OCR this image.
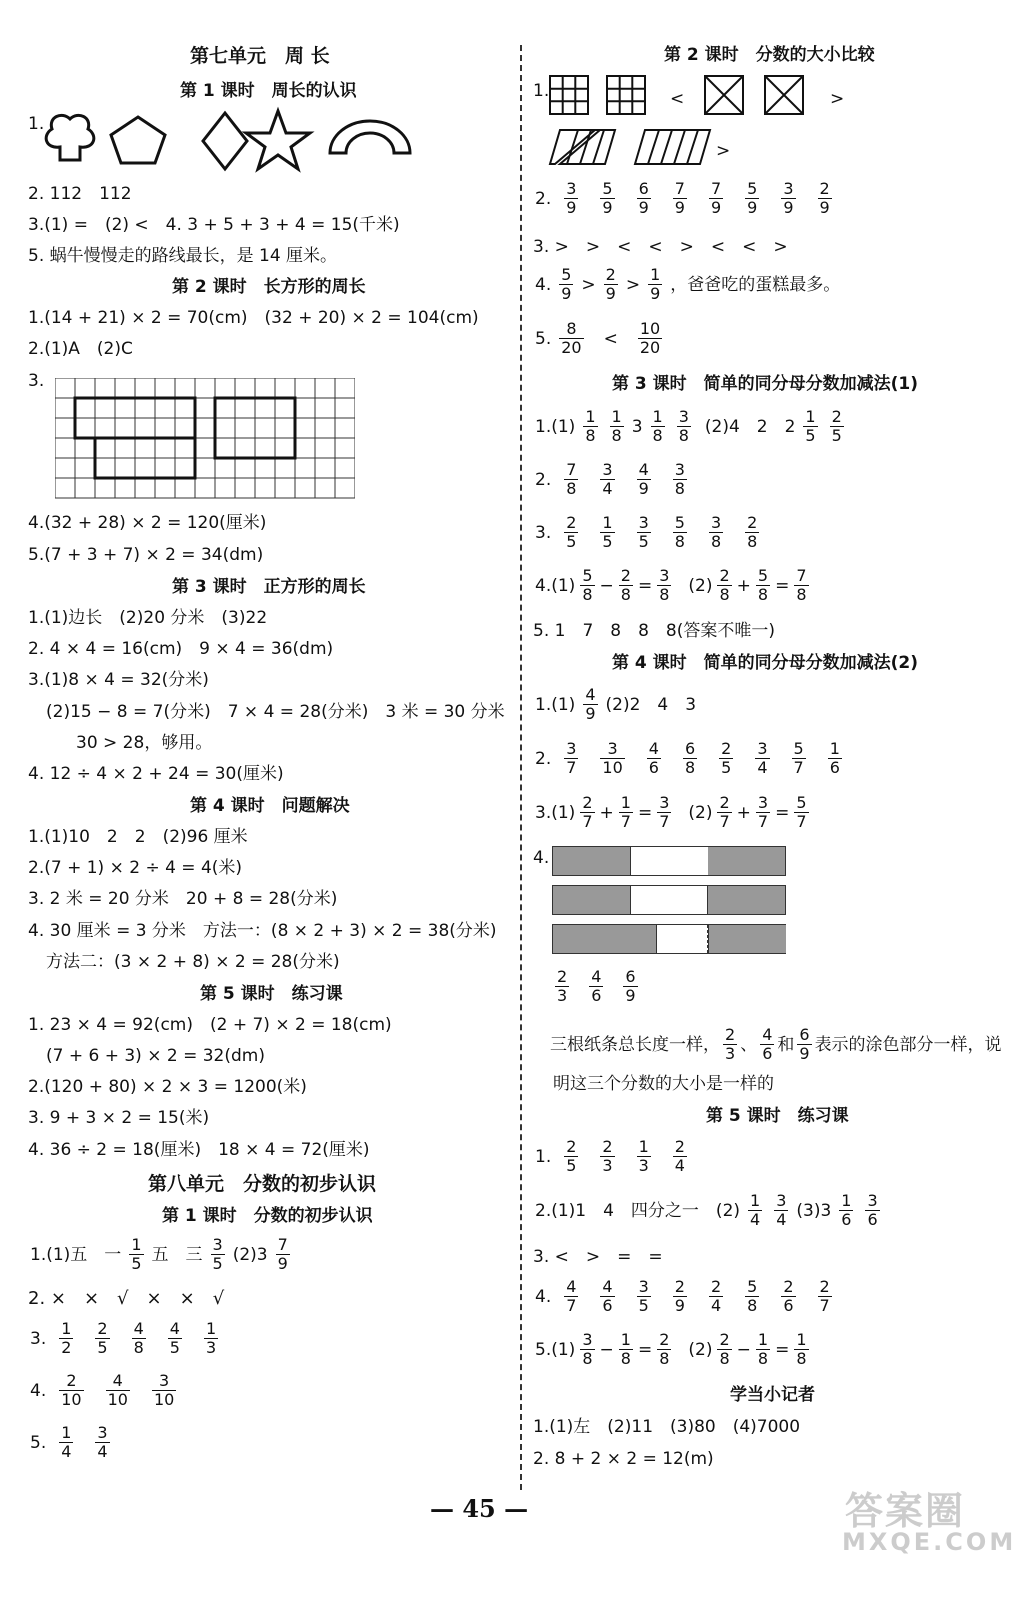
第七单元　周 长
第 1 课时　周长的认识
1.
2. 112　112
3.(1) =　(2) <　4. 3 + 5 + 3 + 4 = 15(千米)
5. 蜗牛慢慢走的路线最长，是 14 厘米。
第 2 课时　长方形的周长
1.(14 + 21) × 2 = 70(cm)　(32 + 20) × 2 = 104(cm)
2.(1)A　(2)C
3.
4.(32 + 28) × 2 = 120(厘米)
5.(7 + 3 + 7) × 2 = 34(dm)
第 3 课时　正方形的周长
1.(1)边长　(2)20 分米　(3)22
2. 4 × 4 = 16(cm)　9 × 4 = 36(dm)
3.(1)8 × 4 = 32(分米)
(2)15 − 8 = 7(分米)　7 × 4 = 28(分米)　3 米 = 30 分米
30 > 28，够用。
4. 12 ÷ 4 × 2 + 24 = 30(厘米)
第 4 课时　问题解决
1.(1)10　2　2　(2)96 厘米
2.(7 + 1) × 2 ÷ 4 = 4(米)
3. 2 米 = 20 分米　20 + 8 = 28(分米)
4. 30 厘米 = 3 分米　方法一：(8 × 2 + 3) × 2 = 38(分米)
方法二：(3 × 2 + 8) × 2 = 28(分米)
第 5 课时　练习课
1. 23 × 4 = 92(cm)　(2 + 7) × 2 = 18(cm)
(7 + 6 + 3) × 2 = 32(dm)
2.(120 + 80) × 2 × 3 = 1200(米)
3. 9 + 3 × 2 = 15(米)
4. 36 ÷ 2 = 18(厘米)　18 × 4 = 72(厘米)
第八单元　分数的初步认识
第 1 课时　分数的初步认识
1.(1)五　一 $\frac{1}{5}$ 五　三 $\frac{3}{5} (2)3 \frac{7}{9}$
2. ×　×　√　×　×　√
3. $\frac{1}{2} \frac{2}{5} \frac{4}{8} \frac{4}{5} \frac{1}{3}$
4. $\frac{2}{10} \frac{4}{10} \frac{3}{10}$
5. $\frac{1}{4} \frac{3}{4}$
第 2 课时　分数的大小比较
1.	<	>
>
2. $\frac{3}{9} \frac{5}{9} \frac{6}{9} \frac{7}{9} \frac{7}{9} \frac{5}{9} \frac{3}{9} \frac{2}{9}$
3. >　>　<　<　>　<　<　>
4. $\frac{5}{9} > \frac{2}{9} > \frac{1}{9}$ ，爸爸吃的蛋糕最多。
5. $\frac{8}{20} < \frac{10}{20}$
第 3 课时　简单的同分母分数加减法(1)
$1.(1) \frac{1}{8} \frac{1}{8} 3 \frac{1}{8} \frac{3}{8} (2)4$　2　$2 \frac{1}{5} \frac{2}{5}$
2. $\frac{7}{8} \frac{3}{4} \frac{4}{9} \frac{3}{8}$
3. $\frac{2}{5} \frac{1}{5} \frac{3}{5} \frac{5}{8} \frac{3}{8} \frac{2}{8}$
$4.(1) \frac{5}{8} - \frac{2}{8} = \frac{3}{8} (2) \frac{2}{8} + \frac{5}{8} = \frac{7}{8}$
5. 1　7　8　8　8(答案不唯一)
第 4 课时　简单的同分母分数加减法(2)
$1.(1) \frac{4}{9} (2)2$　4　3
2. $\frac{3}{7} \frac{3}{10} \frac{4}{6} \frac{6}{8} \frac{2}{5} \frac{3}{4} \frac{5}{7} \frac{1}{6}$
$3.(1) \frac{2}{7} + \frac{1}{7} = \frac{3}{7} (2) \frac{2}{7} + \frac{3}{7} = \frac{5}{7}$
4.
$\frac{2}{3} \frac{4}{6} \frac{6}{9}$
三根纸条总长度一样， $\frac{2}{3}$ 、 $\frac{4}{6}$ 和 $\frac{6}{9}$ 表示的涂色部分一样，说
明这三个分数的大小是一样的
第 5 课时　练习课
1. $\frac{2}{5} \frac{2}{3} \frac{1}{3} \frac{2}{4}$
2.(1)1　4　四分之一　$(2) \frac{1}{4} \frac{3}{4} (3)3 \frac{1}{6} \frac{3}{6}$
3. <　>　=　=
4. $\frac{4}{7} \frac{4}{6} \frac{3}{5} \frac{2}{9} \frac{2}{4} \frac{5}{8} \frac{2}{6} \frac{2}{7}$
$5.(1) \frac{3}{8} - \frac{1}{8} = \frac{2}{8} (2) \frac{2}{8} - \frac{1}{8} = \frac{1}{8}$
学当小记者
1.(1)左　(2)11　(3)80　(4)7000
2. 8 + 2 × 2 = 12(m)
— 45 —	答案圈
MXQE.COM
